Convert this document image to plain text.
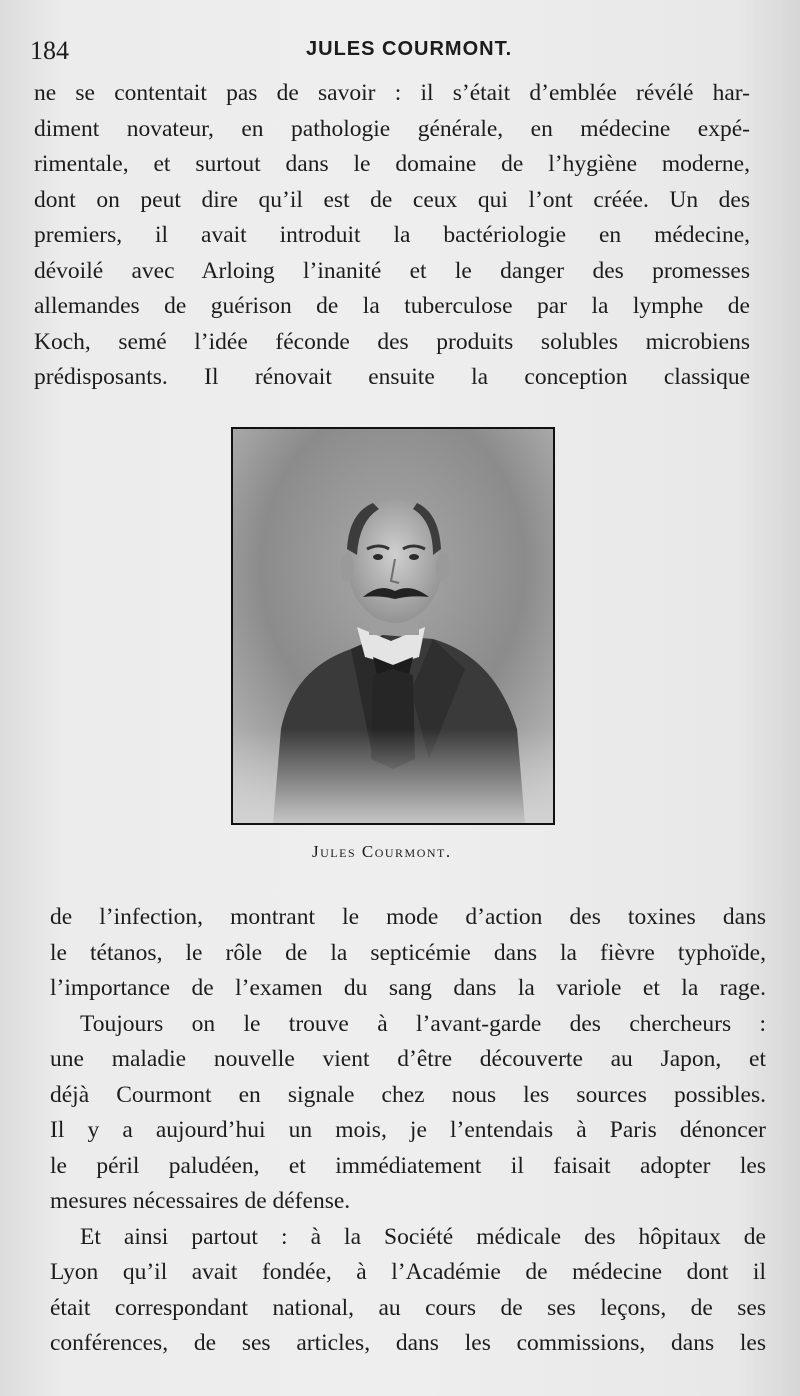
184	JULES COURMONT.
ne se contentait pas de savoir : il s’était d’emblée révélé har-
diment novateur, en pathologie générale, en médecine expé-
rimentale, et surtout dans le domaine de l’hygiène moderne,
dont on peut dire qu’il est de ceux qui l’ont créée. Un des
premiers, il avait introduit la bactériologie en médecine,
dévoilé avec Arloing l’inanité et le danger des promesses
allemandes de guérison de la tuberculose par la lymphe de
Koch, semé l’idée féconde des produits solubles microbiens
prédisposants. Il rénovait ensuite la conception classique
Jules Courmont.
de l’infection, montrant le mode d’action des toxines dans
le tétanos, le rôle de la septicémie dans la fièvre typhoïde,
l’importance de l’examen du sang dans la variole et la rage.
Toujours on le trouve à l’avant-garde des chercheurs :
une maladie nouvelle vient d’être découverte au Japon, et
déjà Courmont en signale chez nous les sources possibles.
Il y a aujourd’hui un mois, je l’entendais à Paris dénoncer
le péril paludéen, et immédiatement il faisait adopter les
mesures nécessaires de défense.
Et ainsi partout : à la Société médicale des hôpitaux de
Lyon qu’il avait fondée, à l’Académie de médecine dont il
était correspondant national, au cours de ses leçons, de ses
conférences, de ses articles, dans les commissions, dans les
